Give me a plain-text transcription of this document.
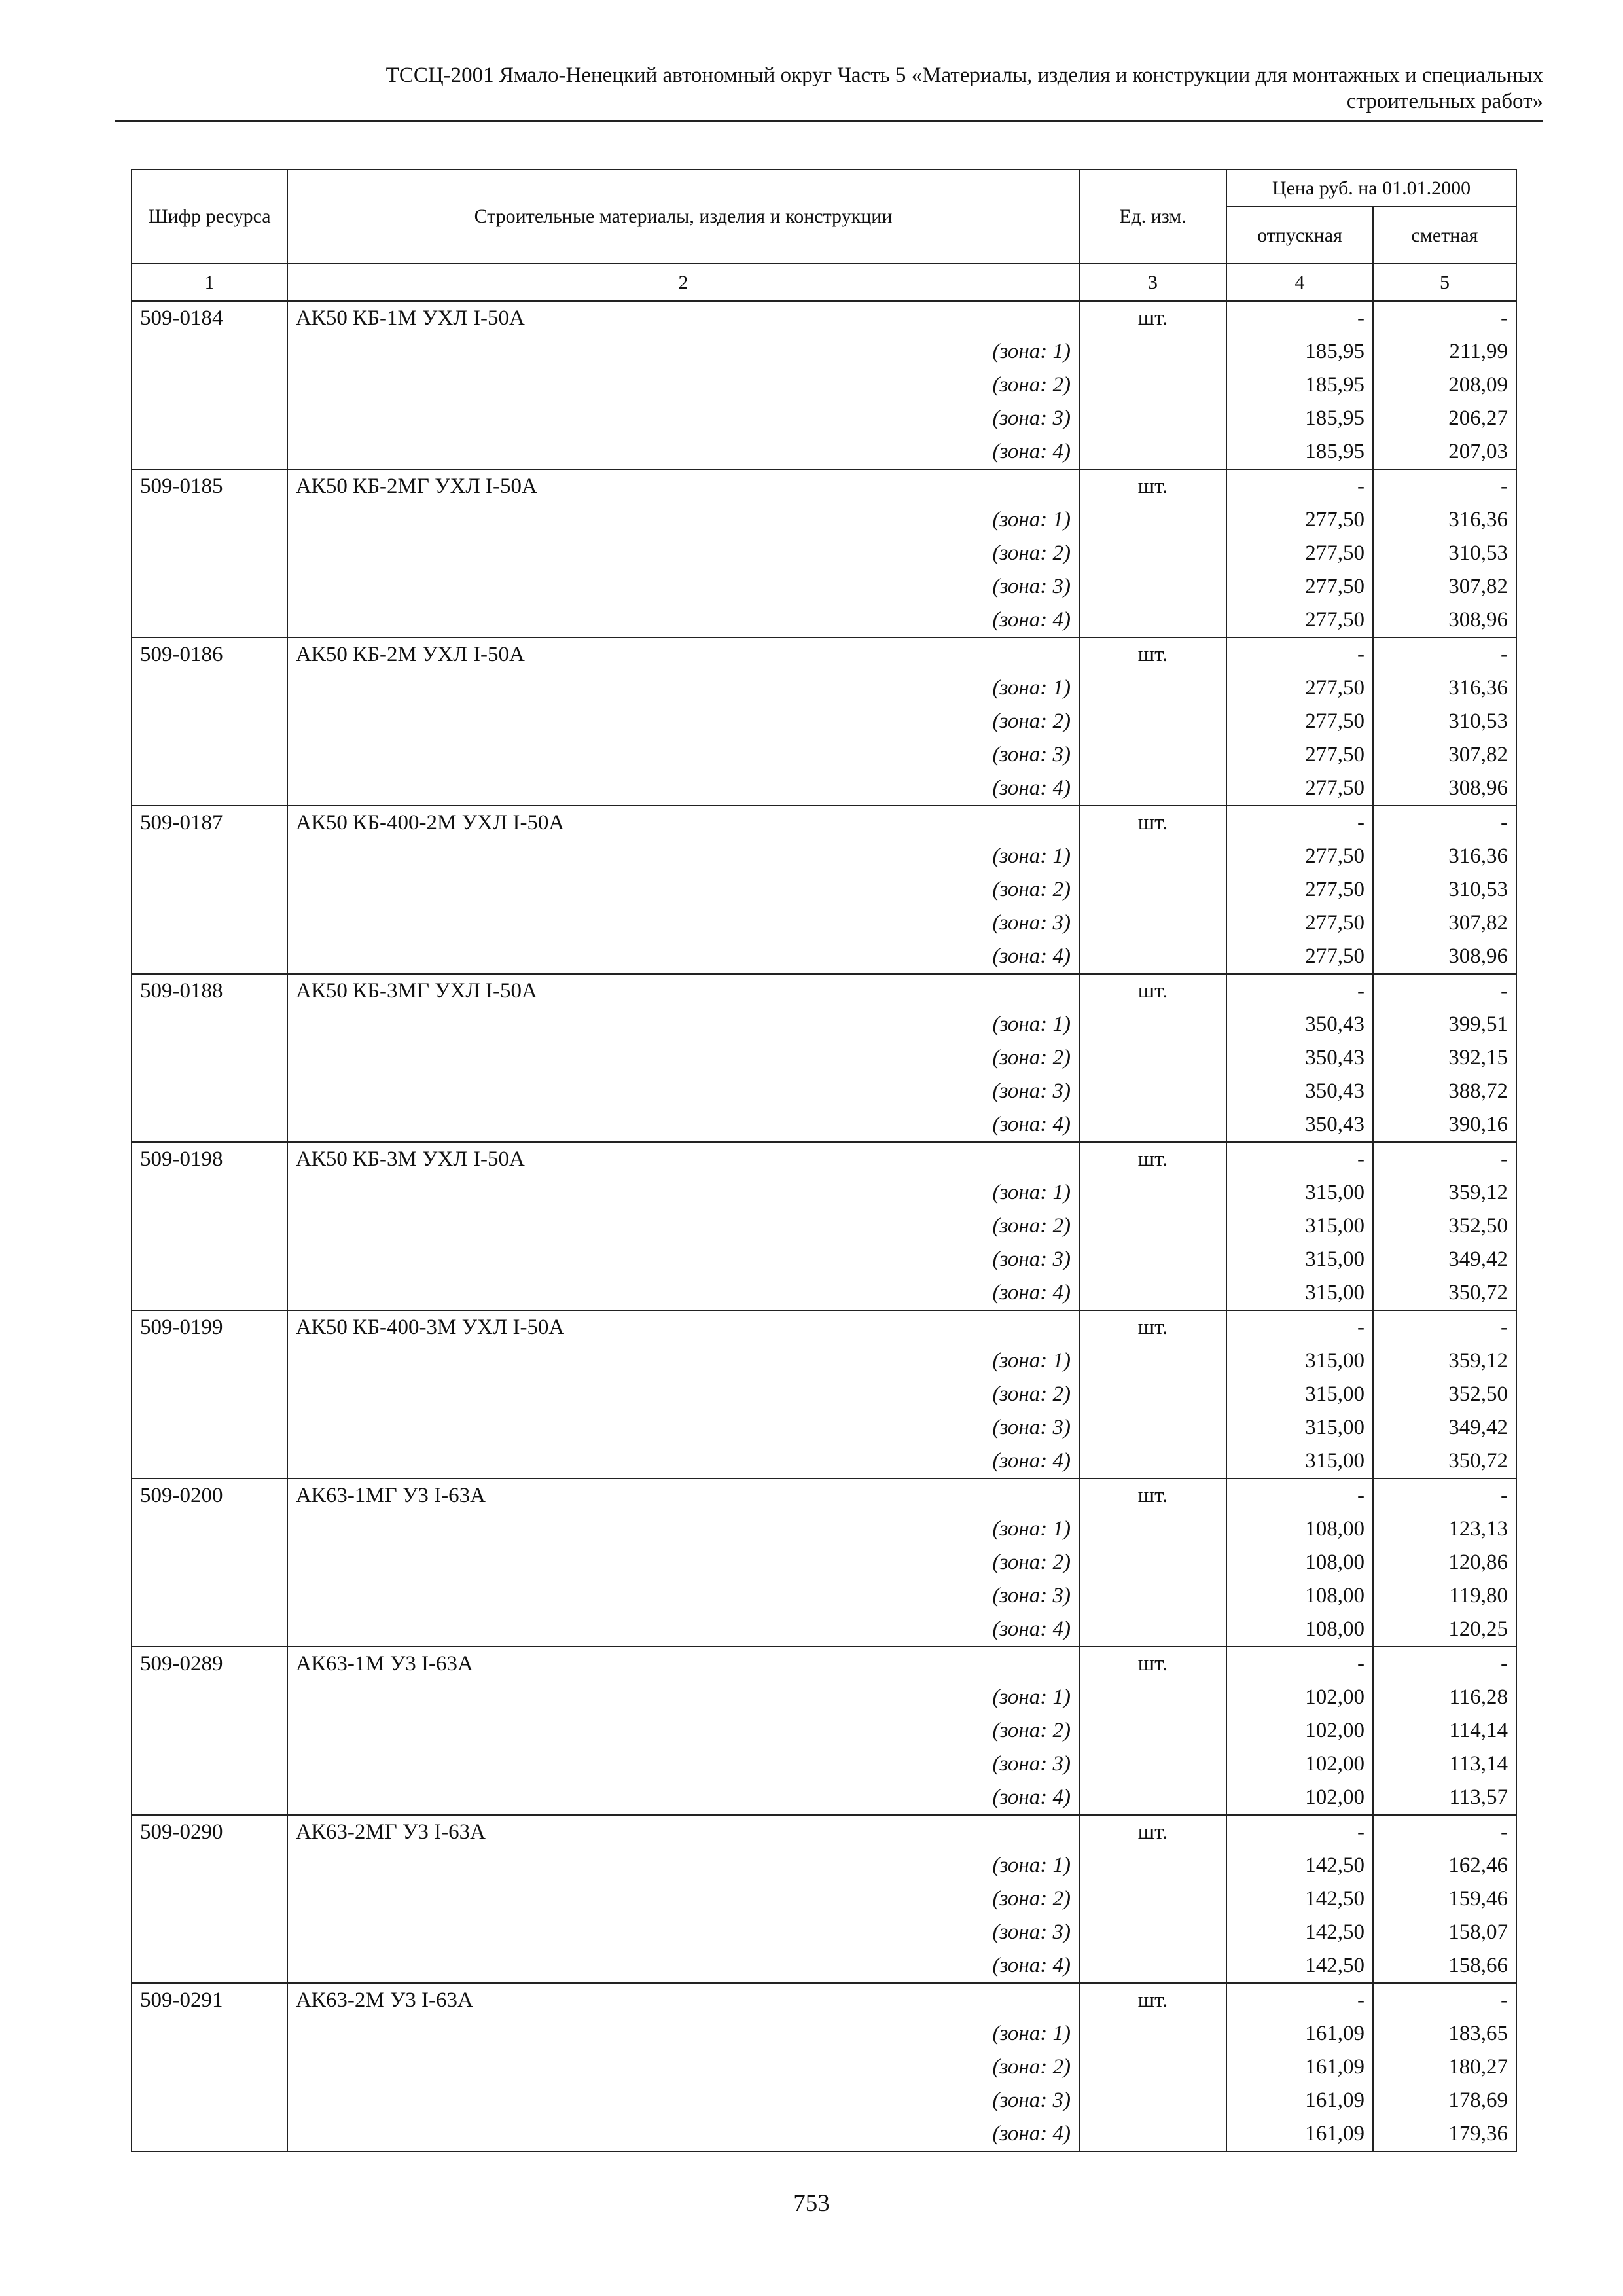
ТССЦ-2001 Ямало-Ненецкий автономный округ Часть 5 «Материалы, изделия и конструкции для монтажных и специальных
строительных работ»
Шифр ресурса	Строительные материалы, изделия и конструкции	Ед. изм.	Цена руб. на 01.01.2000	
			отпускная	сметная
1	2	3	4	5
509-0184	АК50 КБ-1М УХЛ I-50А	шт.	-	-
	(зона: 1)		185,95	211,99
	(зона: 2)		185,95	208,09
	(зона: 3)		185,95	206,27
	(зона: 4)		185,95	207,03
509-0185	АК50 КБ-2МГ УХЛ I-50А	шт.	-	-
	(зона: 1)		277,50	316,36
	(зона: 2)		277,50	310,53
	(зона: 3)		277,50	307,82
	(зона: 4)		277,50	308,96
509-0186	АК50 КБ-2М УХЛ I-50А	шт.	-	-
	(зона: 1)		277,50	316,36
	(зона: 2)		277,50	310,53
	(зона: 3)		277,50	307,82
	(зона: 4)		277,50	308,96
509-0187	АК50 КБ-400-2М УХЛ I-50А	шт.	-	-
	(зона: 1)		277,50	316,36
	(зона: 2)		277,50	310,53
	(зона: 3)		277,50	307,82
	(зона: 4)		277,50	308,96
509-0188	АК50 КБ-3МГ УХЛ I-50А	шт.	-	-
	(зона: 1)		350,43	399,51
	(зона: 2)		350,43	392,15
	(зона: 3)		350,43	388,72
	(зона: 4)		350,43	390,16
509-0198	АК50 КБ-3М УХЛ I-50А	шт.	-	-
	(зона: 1)		315,00	359,12
	(зона: 2)		315,00	352,50
	(зона: 3)		315,00	349,42
	(зона: 4)		315,00	350,72
509-0199	АК50 КБ-400-3М УХЛ I-50А	шт.	-	-
	(зона: 1)		315,00	359,12
	(зона: 2)		315,00	352,50
	(зона: 3)		315,00	349,42
	(зона: 4)		315,00	350,72
509-0200	АК63-1МГ У3 I-63А	шт.	-	-
	(зона: 1)		108,00	123,13
	(зона: 2)		108,00	120,86
	(зона: 3)		108,00	119,80
	(зона: 4)		108,00	120,25
509-0289	АК63-1М У3 I-63А	шт.	-	-
	(зона: 1)		102,00	116,28
	(зона: 2)		102,00	114,14
	(зона: 3)		102,00	113,14
	(зона: 4)		102,00	113,57
509-0290	АК63-2МГ У3 I-63А	шт.	-	-
	(зона: 1)		142,50	162,46
	(зона: 2)		142,50	159,46
	(зона: 3)		142,50	158,07
	(зона: 4)		142,50	158,66
509-0291	АК63-2М У3 I-63А	шт.	-	-
	(зона: 1)		161,09	183,65
	(зона: 2)		161,09	180,27
	(зона: 3)		161,09	178,69
	(зона: 4)		161,09	179,36
753
